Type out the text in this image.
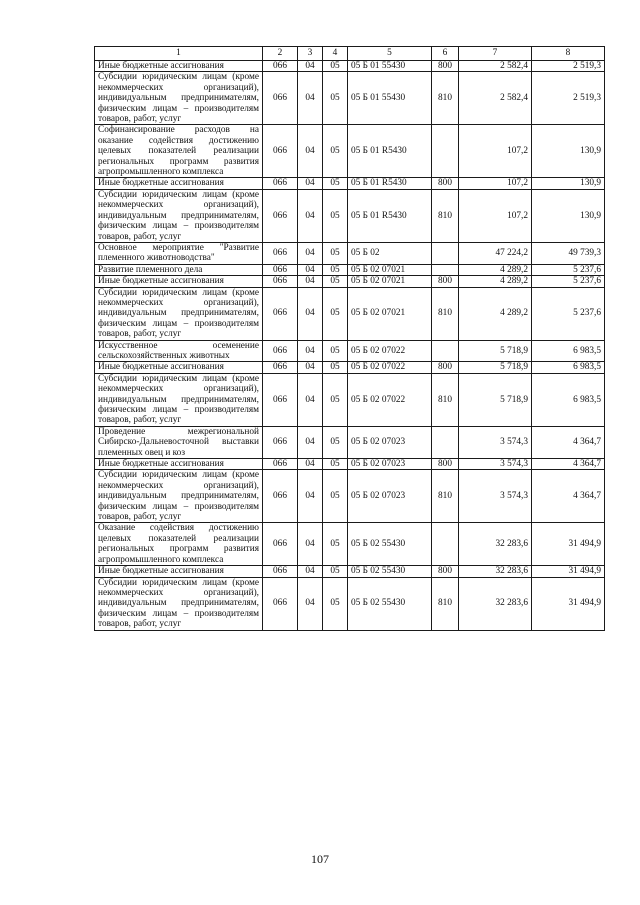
1	2	3	4	5	6	7	8
Иные бюджетные ассигнования	066	04	05	05 Б 01 55430	800	2 582,4	2 519,3
Субсидии юридическим лицам (кроме некоммерческих организаций), индивидуальным предпринимателям, физическим лицам – производителям товаров, работ, услуг	066	04	05	05 Б 01 55430	810	2 582,4	2 519,3
Софинансирование расходов на оказание содействия достижению целевых показателей реализации региональных программ развития агропромышленного комплекса	066	04	05	05 Б 01 R5430		107,2	130,9
Иные бюджетные ассигнования	066	04	05	05 Б 01 R5430	800	107,2	130,9
Субсидии юридическим лицам (кроме некоммерческих организаций), индивидуальным предпринимателям, физическим лицам – производителям товаров, работ, услуг	066	04	05	05 Б 01 R5430	810	107,2	130,9
Основное мероприятие "Развитие племенного животноводства"	066	04	05	05 Б 02		47 224,2	49 739,3
Развитие племенного дела	066	04	05	05 Б 02 07021		4 289,2	5 237,6
Иные бюджетные ассигнования	066	04	05	05 Б 02 07021	800	4 289,2	5 237,6
Субсидии юридическим лицам (кроме некоммерческих организаций), индивидуальным предпринимателям, физическим лицам – производителям товаров, работ, услуг	066	04	05	05 Б 02 07021	810	4 289,2	5 237,6
Искусственное осеменение сельскохозяйственных животных	066	04	05	05 Б 02 07022		5 718,9	6 983,5
Иные бюджетные ассигнования	066	04	05	05 Б 02 07022	800	5 718,9	6 983,5
Субсидии юридическим лицам (кроме некоммерческих организаций), индивидуальным предпринимателям, физическим лицам – производителям товаров, работ, услуг	066	04	05	05 Б 02 07022	810	5 718,9	6 983,5
Проведение межрегиональной Сибирско-Дальневосточной выставки племенных овец и коз	066	04	05	05 Б 02 07023		3 574,3	4 364,7
Иные бюджетные ассигнования	066	04	05	05 Б 02 07023	800	3 574,3	4 364,7
Субсидии юридическим лицам (кроме некоммерческих организаций), индивидуальным предпринимателям, физическим лицам – производителям товаров, работ, услуг	066	04	05	05 Б 02 07023	810	3 574,3	4 364,7
Оказание содействия достижению целевых показателей реализации региональных программ развития агропромышленного комплекса	066	04	05	05 Б 02 55430		32 283,6	31 494,9
Иные бюджетные ассигнования	066	04	05	05 Б 02 55430	800	32 283,6	31 494,9
Субсидии юридическим лицам (кроме некоммерческих организаций), индивидуальным предпринимателям, физическим лицам – производителям товаров, работ, услуг	066	04	05	05 Б 02 55430	810	32 283,6	31 494,9
107
